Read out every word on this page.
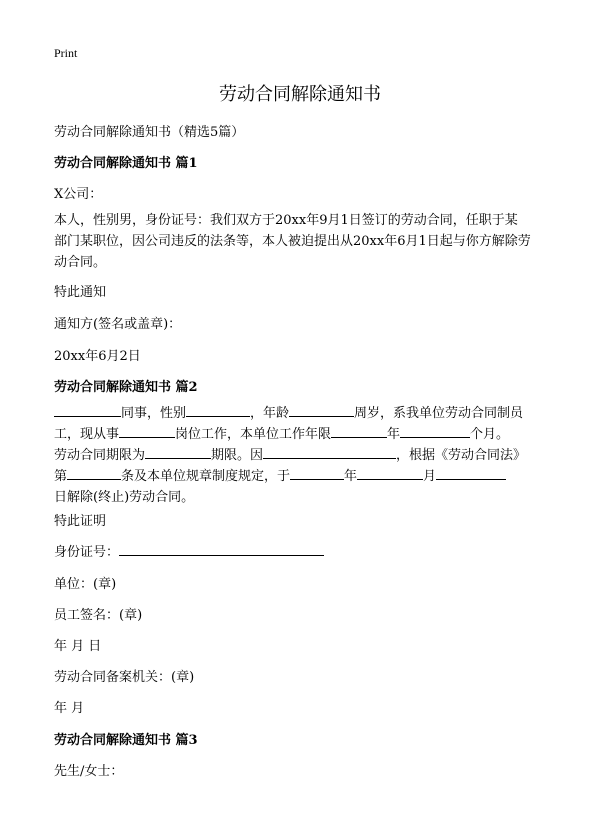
Print
劳动合同解除通知书
劳动合同解除通知书（精选5篇）
劳动合同解除通知书 篇1
X公司：

本人，性别男，身份证号：我们双方于20xx年9月1日签订的劳动合同，任职于某

部门某职位，因公司违反的法条等，本人被迫提出从20xx年6月1日起与你方解除劳

动合同。

特此通知
通知方(签名或盖章)：
20xx年6月2日
劳动合同解除通知书 篇2

同事，性别	，年龄	周岁，系我单位劳动合同制员

工，现从事	岗位工作，本单位工作年限	年	个月。

劳动合同期限为	期限。因	，根据《劳动合同法》

第	条及本单位规章制度规定，于	年	月

日解除(终止)劳动合同。

特此证明
身份证号：
单位：(章)
员工签名：(章)
年 月 日
劳动合同备案机关：(章)
年 月
劳动合同解除通知书 篇3
先生/女士：
